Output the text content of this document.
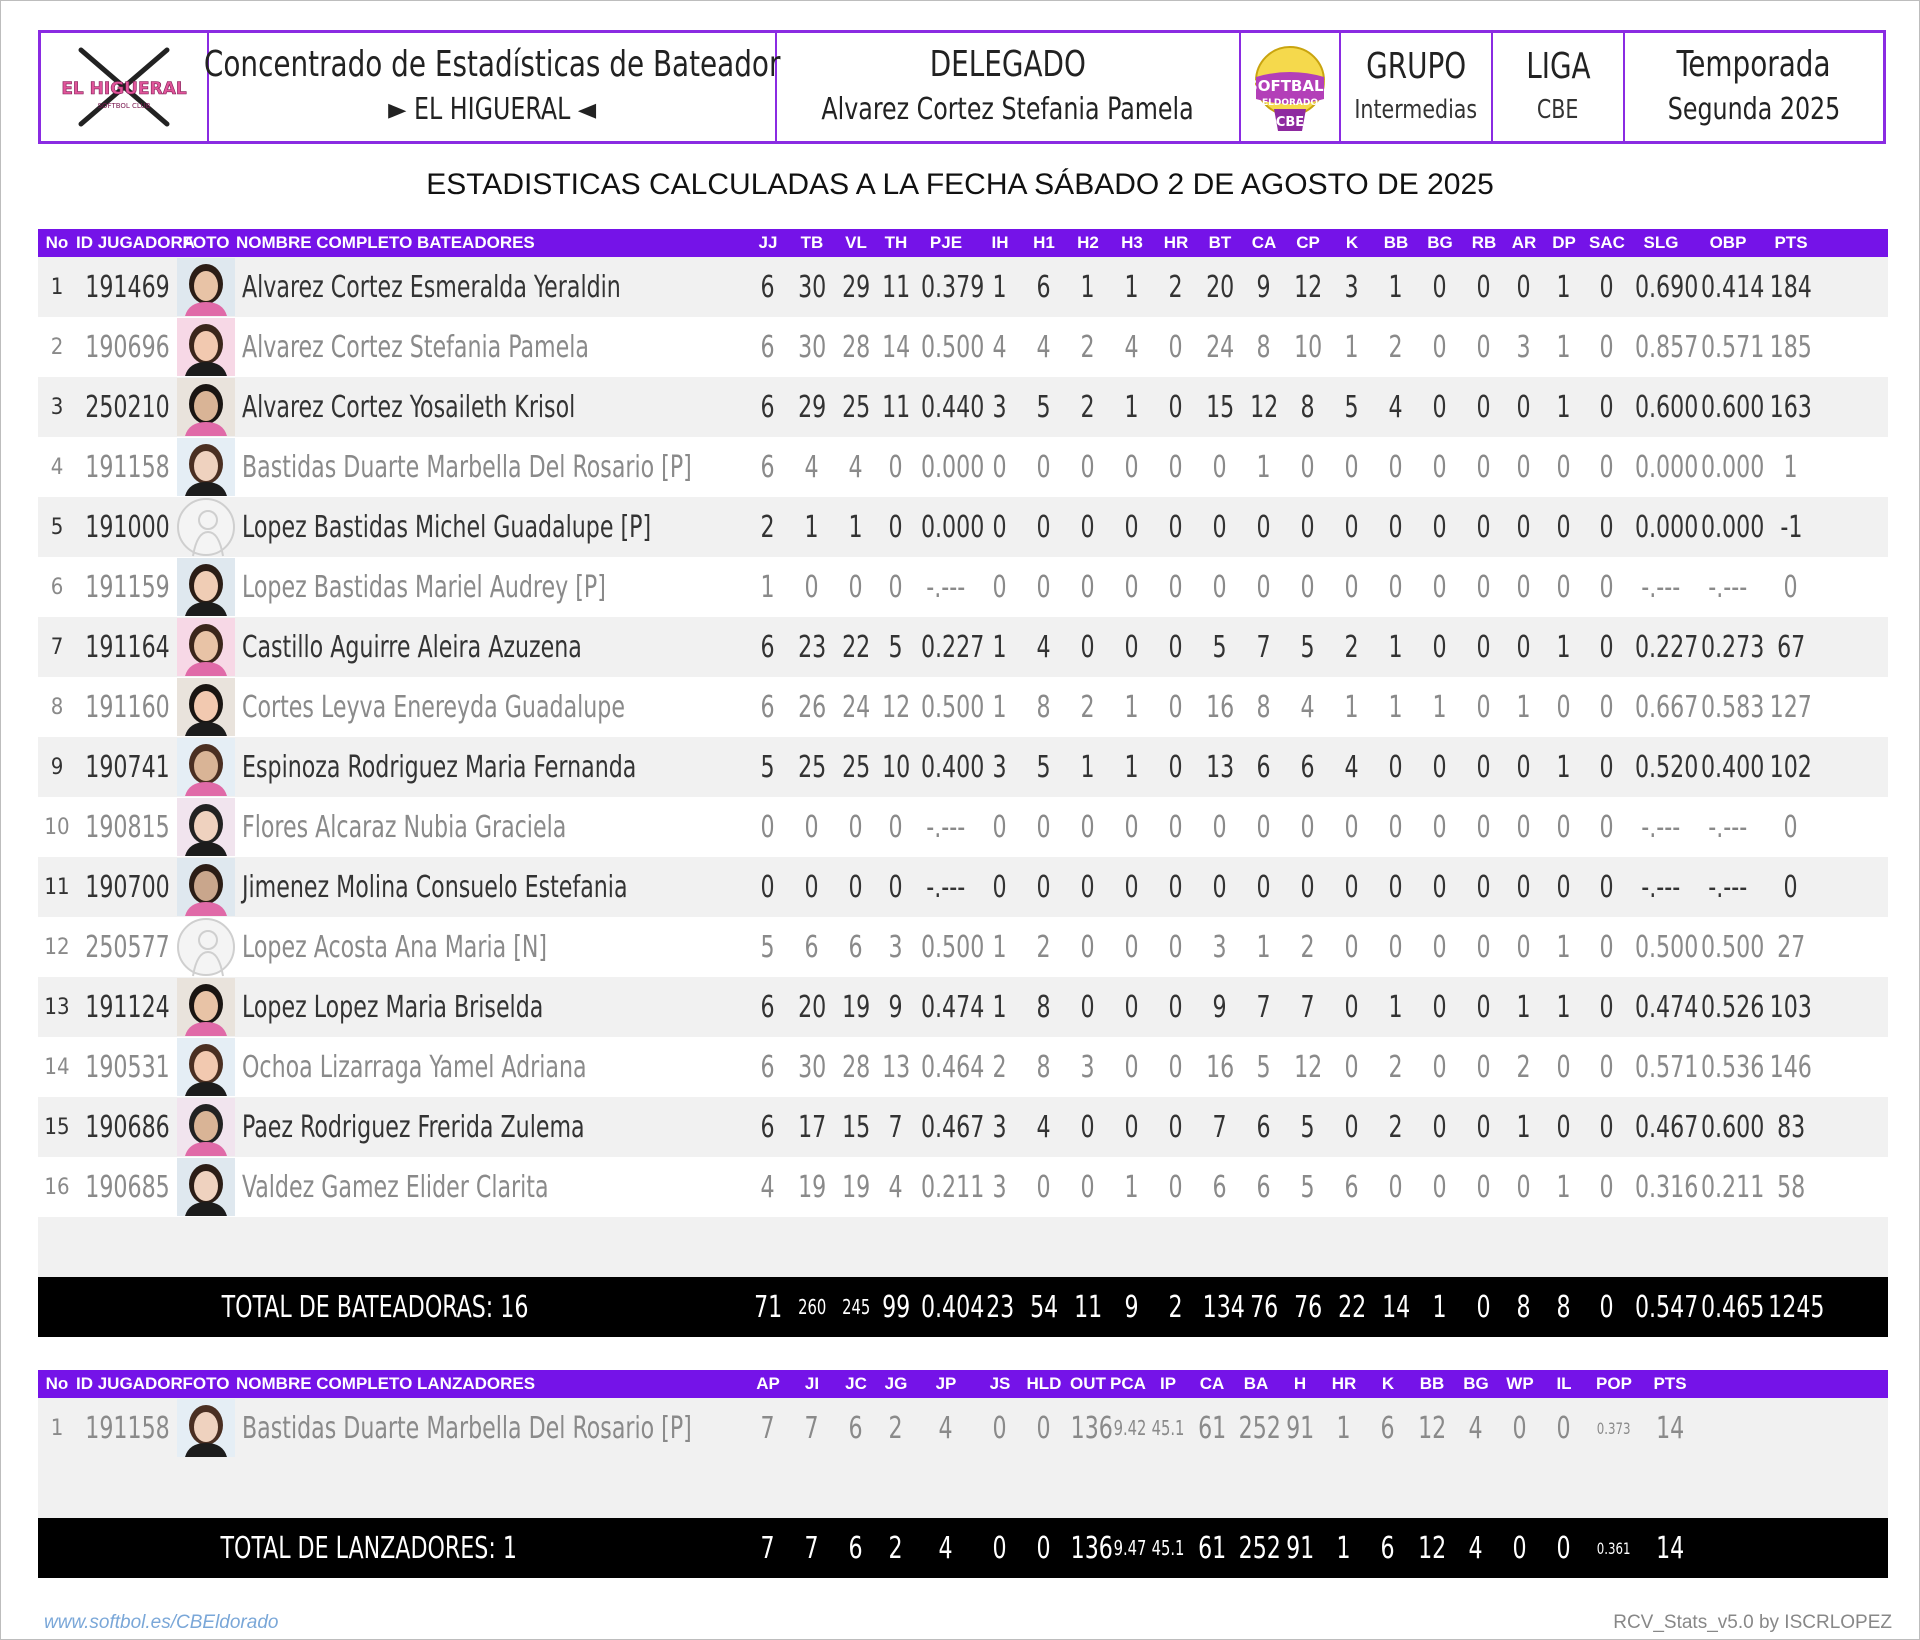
EL HIGUERAL
SOFTBOL CLUB
Concentrado de Estadísticas de Bateador
► EL HIGUERAL ◄
DELEGADO
Alvarez Cortez Stefania Pamela
SOFTBALL
ELDORADO
CBE
GRUPO
Intermedias
LIGA
CBE
Temporada
Segunda 2025
ESTADISTICAS CALCULADAS A LA FECHA SÁBADO 2 DE AGOSTO DE 2025
No ID JUGADORA
FOTO NOMBRE COMPLETO BATEADORES	JJ	TB	VL	TH	PJE	IH	H1	H2	H3	HR	BT	CA	CP	K	BB	BG	RB AR DP SAC	SLG	OBP	PTS
1 191469 Alvarez Cortez Esmeralda Yeraldin	6 30 29 11 0.379 1 6 1 1 2 20 9 12 3 1 0 0 0 1 0 0.690 0.414 184
2 190696 Alvarez Cortez Stefania Pamela	6 30 28 14 0.500 4 4 2 4 0 24 8 10 1 2 0 0 3 1 0 0.857 0.571 185
3 250210 Alvarez Cortez Yosaileth Krisol	6 29 25 11 0.440 3 5 2 1 0 15 12 8 5 4 0 0 0 1 0 0.600 0.600 163
4 191158 Bastidas Duarte Marbella Del Rosario [P]	6 4 4 0 0.000 0 0 0 0 0 0 1 0 0 0 0 0 0 0 0 0.000 0.000 1
5 191000 Lopez Bastidas Michel Guadalupe [P]	2 1 1 0 0.000 0 0 0 0 0 0 0 0 0 0 0 0 0 0 0 0.000 0.000 -1
6 191159 Lopez Bastidas Mariel Audrey [P]	1 0 0 0 -.--- 0 0 0 0 0 0 0 0 0 0 0 0 0 0 0 -.--- -.---	0
7 191164 Castillo Aguirre Aleira Azuzena	6 23 22 5 0.227 1 4 0 0 0 5 7 5 2 1 0 0 0 1 0 0.227 0.273 67
8 191160 Cortes Leyva Enereyda Guadalupe	6 26 24 12 0.500 1 8 2 1 0 16 8 4 1 1 1 0 1 0 0 0.667 0.583 127
9 190741 Espinoza Rodriguez Maria Fernanda	5 25 25 10 0.400 3 5 1 1 0 13 6 6 4 0 0 0 0 1 0 0.520 0.400 102
10 190815 Flores Alcaraz Nubia Graciela	0 0 0 0 -.--- 0 0 0 0 0 0 0 0 0 0 0 0 0 0 0 -.--- -.---	0
11 190700 Jimenez Molina Consuelo Estefania	0 0 0 0 -.--- 0 0 0 0 0 0 0 0 0 0 0 0 0 0 0 -.--- -.---	0
12 250577 Lopez Acosta Ana Maria [N]	5 6 6 3 0.500 1 2 0 0 0 3 1 2 0 0 0 0 0 1 0 0.500 0.500 27
13 191124 Lopez Lopez Maria Briselda	6 20 19 9 0.474 1 8 0 0 0 9 7 7 0 1 0 0 1 1 0 0.474 0.526 103
14 190531 Ochoa Lizarraga Yamel Adriana	6 30 28 13 0.464 2 8 3 0 0 16 5 12 0 2 0 0 2 0 0 0.571 0.536 146
15 190686 Paez Rodriguez Frerida Zulema	6 17 15 7 0.467 3 4 0 0 0 7 6 5 0 2 0 0 1 0 0 0.467 0.600 83
16 190685 Valdez Gamez Elider Clarita	4 19 19 4 0.211 3 0 0 1 0 6 6 5 6 0 0 0 0 1 0 0.316 0.211 58
TOTAL DE BATEADORAS: 16	71 260 245 99 0.404 23 54 11 9 2 134 76 76 22 14 1 0 8 8 0 0.547 0.465 1245
No ID JUGADOR FOTO NOMBRE COMPLETO LANZADORES	AP	JI	JC	JG	JP	JS HLD OUT PCA IP	CA	BA	H	HR	K	BB	BG	WP	IL	POP	PTS
1 191158 Bastidas Duarte Marbella Del Rosario [P]	7 7 6 2	4	0 0 136 9.42 45.1 61 252 91 1 6 12 4 0 0	0.373 14
TOTAL DE LANZADORES: 1	7 7 6 2	4	0 0 136 9.47 45.1 61 252 91 1 6 12 4 0 0	0.361 14
www.softbol.es/CBEldorado	RCV_Stats_v5.0 by ISCRLOPEZ
